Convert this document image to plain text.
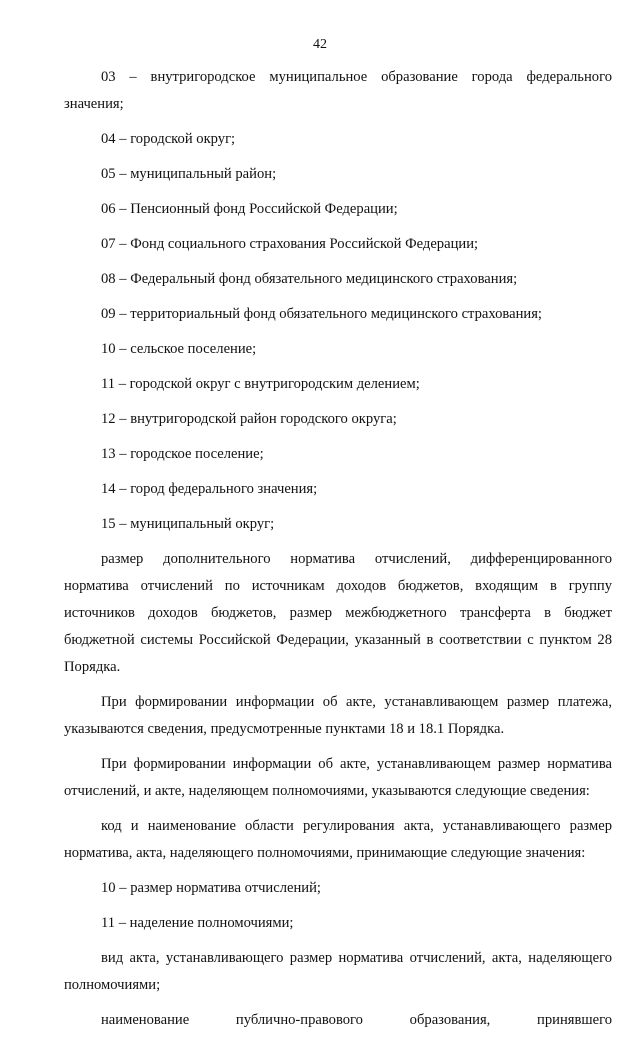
42

03 – внутригородское муниципальное образование города федерального значения;

04 – городской округ;

05 – муниципальный район;

06 – Пенсионный фонд Российской Федерации;

07 – Фонд социального страхования Российской Федерации;

08 – Федеральный фонд обязательного медицинского страхования;

09 – территориальный фонд обязательного медицинского страхования;

10 – сельское поселение;

11 – городской округ с внутригородским делением;

12 – внутригородской район городского округа;

13 – городское поселение;

14 – город федерального значения;

15 – муниципальный округ;

размер дополнительного норматива отчислений, дифференцированного норматива отчислений по источникам доходов бюджетов, входящим в группу источников доходов бюджетов, размер межбюджетного трансферта в бюджет бюджетной системы Российской Федерации, указанный в соответствии с пунктом 28 Порядка.

При формировании информации об акте, устанавливающем размер платежа, указываются сведения, предусмотренные пунктами 18 и 18.1 Порядка.

При формировании информации об акте, устанавливающем размер норматива отчислений, и акте, наделяющем полномочиями, указываются следующие сведения:

код и наименование области регулирования акта, устанавливающего размер норматива, акта, наделяющего полномочиями, принимающие следующие значения:

10 – размер норматива отчислений;

11 – наделение полномочиями;

вид акта, устанавливающего размер норматива отчислений, акта, наделяющего полномочиями;

наименование публично-правового образования, принявшего
